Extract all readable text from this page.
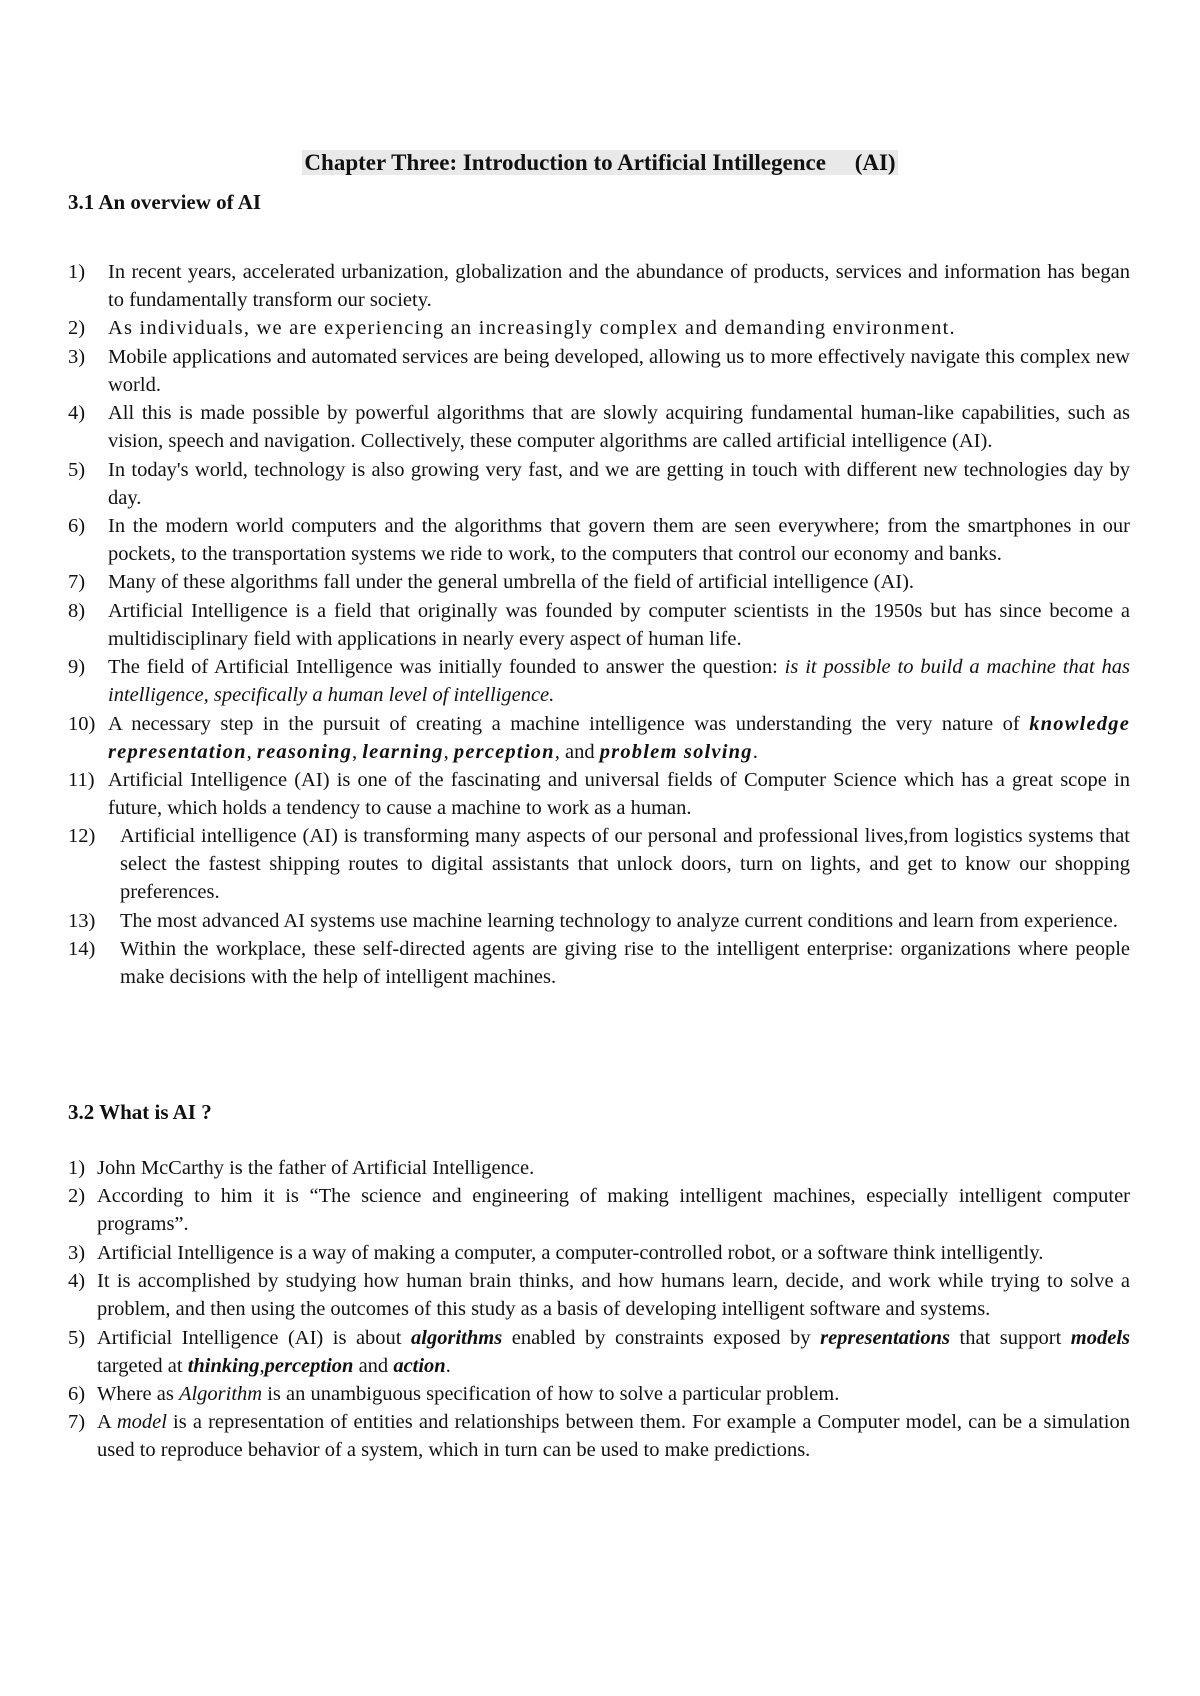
Chapter Three: Introduction to Artificial Intillegence (AI)
3.1 An overview of AI
1) In recent years, accelerated urbanization, globalization and the abundance of products, services and information has began to fundamentally transform our society.
2) As individuals, we are experiencing an increasingly complex and demanding environment.
3) Mobile applications and automated services are being developed, allowing us to more effectively navigate this complex new world.
4) All this is made possible by powerful algorithms that are slowly acquiring fundamental human-like capabilities, such as vision, speech and navigation. Collectively, these computer algorithms are called artificial intelligence (AI).
5) In today's world, technology is also growing very fast, and we are getting in touch with different new technologies day by day.
6) In the modern world computers and the algorithms that govern them are seen everywhere; from the smartphones in our pockets, to the transportation systems we ride to work, to the computers that control our economy and banks.
7) Many of these algorithms fall under the general umbrella of the field of artificial intelligence (AI).
8) Artificial Intelligence is a field that originally was founded by computer scientists in the 1950s but has since become a multidisciplinary field with applications in nearly every aspect of human life.
9) The field of Artificial Intelligence was initially founded to answer the question: is it possible to build a machine that has intelligence, specifically a human level of intelligence.
10) A necessary step in the pursuit of creating a machine intelligence was understanding the very nature of knowledge representation, reasoning, learning, perception, and problem solving.
11) Artificial Intelligence (AI) is one of the fascinating and universal fields of Computer Science which has a great scope in future, which holds a tendency to cause a machine to work as a human.
12) Artificial intelligence (AI) is transforming many aspects of our personal and professional lives,from logistics systems that select the fastest shipping routes to digital assistants that unlock doors, turn on lights, and get to know our shopping preferences.
13) The most advanced AI systems use machine learning technology to analyze current conditions and learn from experience.
14) Within the workplace, these self-directed agents are giving rise to the intelligent enterprise: organizations where people make decisions with the help of intelligent machines.
3.2 What is AI ?
1) John McCarthy is the father of Artificial Intelligence.
2) According to him it is “The science and engineering of making intelligent machines, especially intelligent computer programs”.
3) Artificial Intelligence is a way of making a computer, a computer-controlled robot, or a software think intelligently.
4) It is accomplished by studying how human brain thinks, and how humans learn, decide, and work while trying to solve a problem, and then using the outcomes of this study as a basis of developing intelligent software and systems.
5) Artificial Intelligence (AI) is about algorithms enabled by constraints exposed by representations that support models targeted at thinking,perception and action.
6) Where as Algorithm is an unambiguous specification of how to solve a particular problem.
7) A model is a representation of entities and relationships between them. For example a Computer model, can be a simulation used to reproduce behavior of a system, which in turn can be used to make predictions.
